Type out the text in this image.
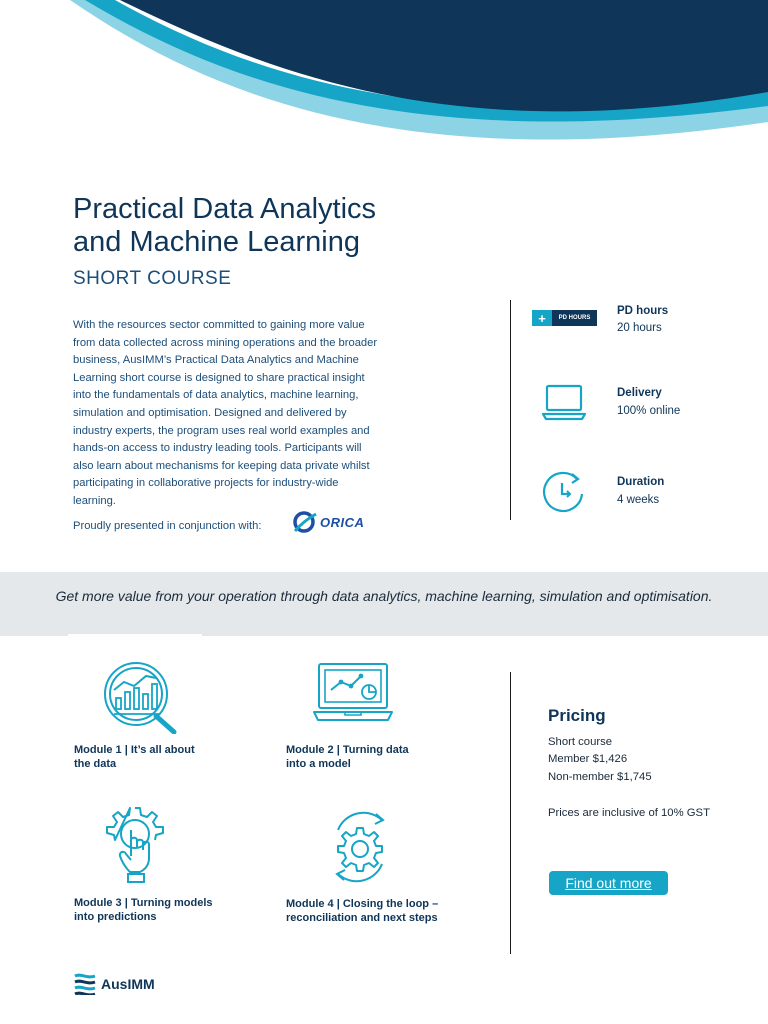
Practical Data Analytics
and Machine Learning
SHORT COURSE

With the resources sector committed to gaining more value from data collected across mining operations and the broader business, AusIMM’s Practical Data Analytics and Machine Learning short course is designed to share practical insight into the fundamentals of data analytics, machine learning, simulation and optimisation. Designed and delivered by industry experts, the program uses real world examples and hands-on access to industry leading tools. Participants will also learn about mechanisms for keeping data private whilst participating in collaborative projects for industry-wide learning.

Proudly presented in conjunction with:	ORICA
+	PD HOURS
PD hours
20 hours
Delivery
100% online
Duration
4 weeks
Get more value from your operation through data analytics, machine learning, simulation and optimisation.
Module 1 | It’s all about
the data
Module 2 | Turning data
into a model
Module 3 | Turning models
into predictions
Module 4 | Closing the loop –
reconciliation and next steps
Pricing
Short course
Member $1,426
Non-member $1,745
Prices are inclusive of 10% GST
Find out more
AusIMM
